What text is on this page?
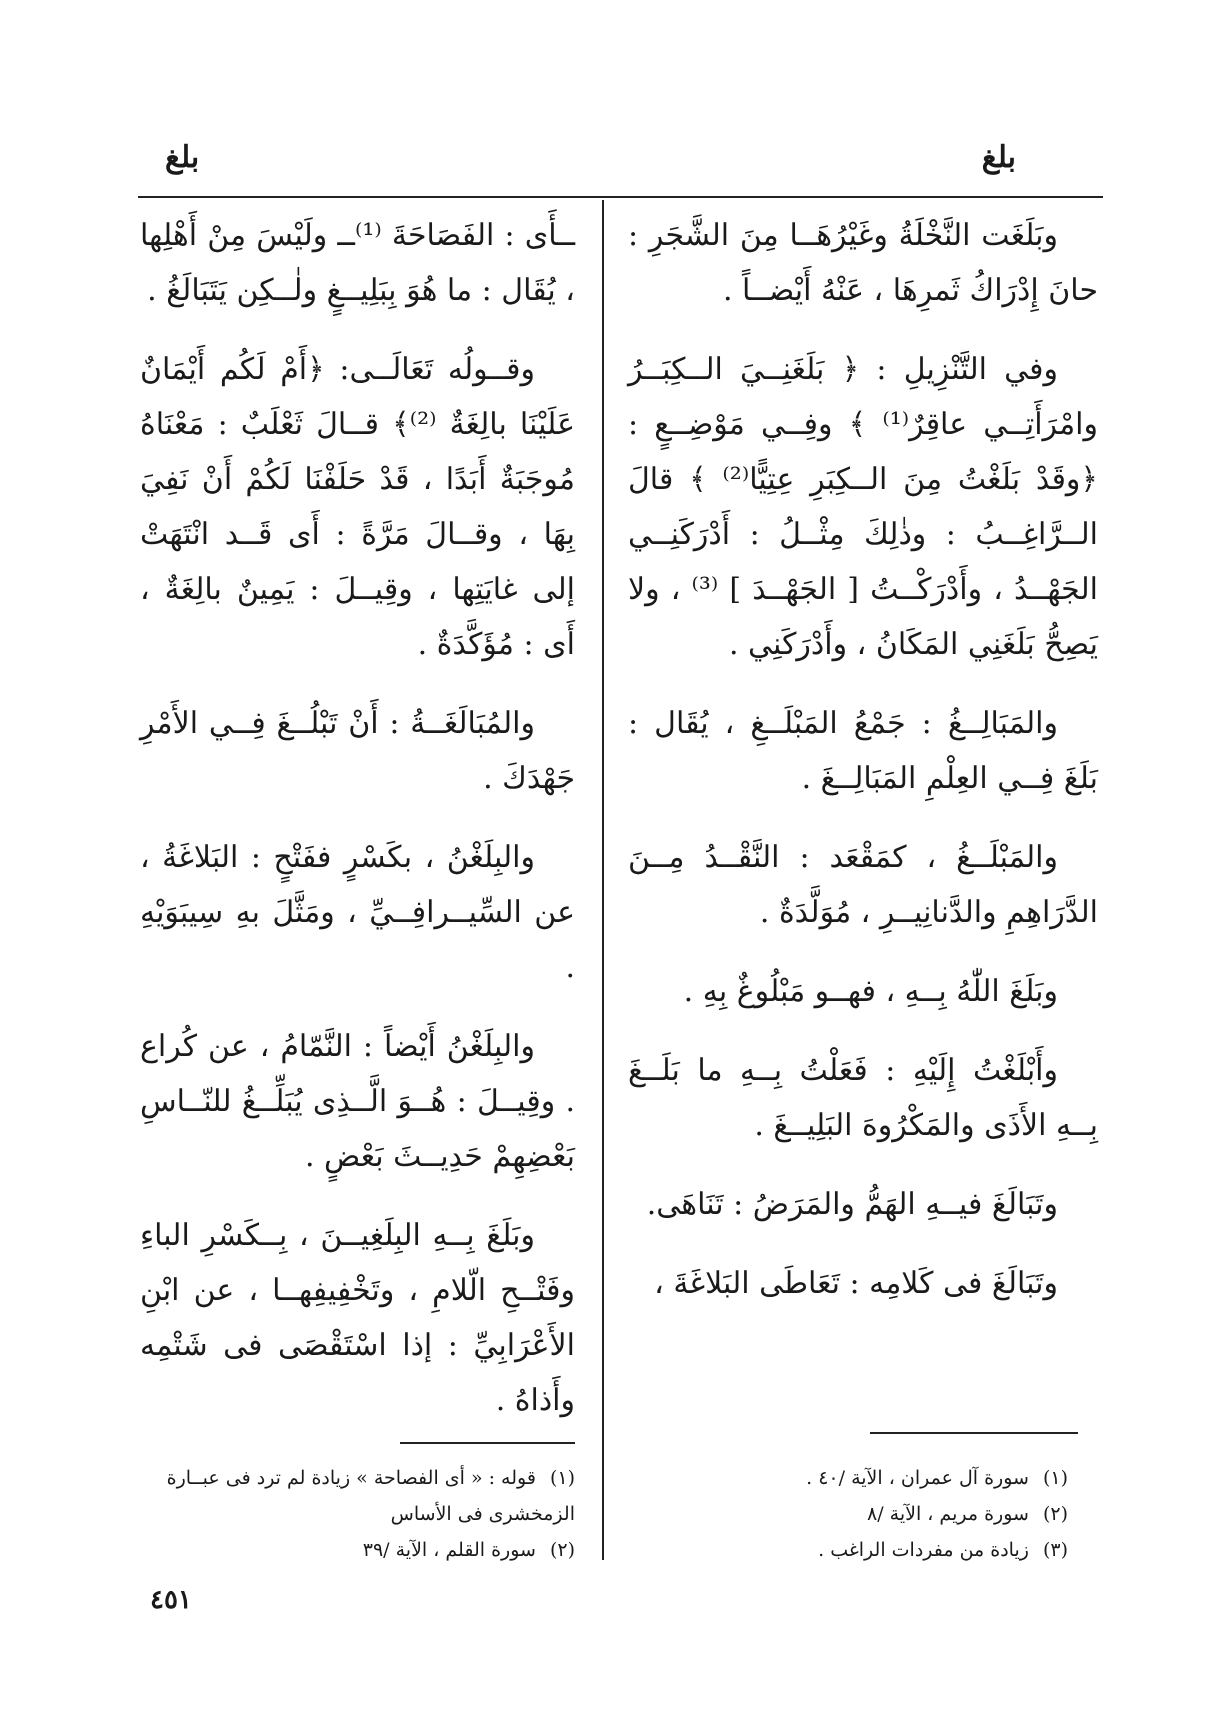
بلغ
بلغ

وبَلَغَت النَّخْلَةُ وغَيْرُهَــا مِنَ الشَّجَرِ : حانَ إِدْرَاكُ ثَمرِهَا ، عَنْهُ أَيْضــاً .

وفي التَّنْزِيلِ : ﴿ بَلَغَنِــيَ الــكِبَــرُ وامْرَأَتِــي عاقِرٌ⁽¹⁾ ﴾ وفِــي مَوْضِــعٍ : ﴿وقَدْ بَلَغْتُ مِنَ الــكِبَرِ عِتِيًّا⁽²⁾ ﴾ قالَ الــرَّاغِــبُ : وذٰلِكَ مِثْــلُ : أَدْرَكَنِــي الجَهْــدُ ، وأَدْرَكْــتُ [ الجَهْــدَ ] ⁽³⁾ ، ولا يَصِحُّ بَلَغَنِي المَكَانُ ، وأَدْرَكَنِي .

والمَبَالِــغُ : جَمْعُ المَبْلَــغِ ، يُقَال : بَلَغَ فِــي العِلْمِ المَبَالِــغَ .

والمَبْلَــغُ ، كمَقْعَد : النَّقْــدُ مِــنَ الدَّرَاهِمِ والدَّنانِيــرِ ، مُوَلَّدَةٌ .

وبَلَغَ اللّٰهُ بِــهِ ، فهــو مَبْلُوغٌ بِهِ .

وأَبْلَغْتُ إِلَيْهِ : فَعَلْتُ بِــهِ ما بَلَــغَ بِــهِ الأَذَى والمَكْرُوهَ البَلِيــغَ .

وتَبَالَغَ فيــهِ الهَمُّ والمَرَضُ : تَنَاهَى.

وتَبَالَغَ فى كَلامِه : تَعَاطَى البَلاغَةَ ،

ــأَى : الفَصَاحَةَ ⁽¹⁾ــ ولَيْسَ مِنْ أَهْلِها ، يُقَال : ما هُوَ بِبَلِيــغٍ ولٰــكِن يَتَبَالَغُ .

وقــولُه تَعَالَــى: ﴿أَمْ لَكُم أَيْمَانٌ عَلَيْنَا بالِغَةٌ ⁽²⁾﴾ قــالَ ثَعْلَبٌ : مَعْنَاهُ مُوجَبَةٌ أَبَدًا ، قَدْ حَلَفْنَا لَكُمْ أَنْ نَفِيَ بِهَا ، وقــالَ مَرَّةً : أَى قَــد انْتَهَتْ إلى غايَتِها ، وقِيــلَ : يَمِينٌ بالِغَةٌ ، أَى : مُؤَكَّدَةٌ .

والمُبَالَغَــةُ : أَنْ تَبْلُــغَ فِــي الأَمْرِ جَهْدَكَ .

والبِلَغْنُ ، بكَسْرٍ ففَتْحٍ : البَلاغَةُ ، عن السِّيــرافِــيِّ ، ومَثَّلَ بهِ سِيبَوَيْهِ .

والبِلَغْنُ أَيْضاً : النَّمّامُ ، عن كُراع . وقِيــلَ : هُــوَ الَّــذِى يُبَلِّــغُ للنّــاسِ بَعْضِهِمْ حَدِيــثَ بَعْضٍ .

وبَلَغَ بِــهِ البِلَغِيــنَ ، بِــكَسْرِ الباءِ وفَتْــحِ الّلامِ ، وتَخْفِيفِهــا ، عن ابْنِ الأَعْرَابِيِّ : إذا اسْتَقْصَى فى شَتْمِه وأَذاهُ .

(١)سورة آل عمران ، الآية /٤٠ .

(٢)سورة مريم ، الآية /٨

(٣)زيادة من مفردات الراغب .

(١)قوله : « أى الفصاحة » زيادة لم ترد فى عبــارة الزمخشرى فى الأساس

(٢)سورة القلم ، الآية /٣٩

٤٥١
